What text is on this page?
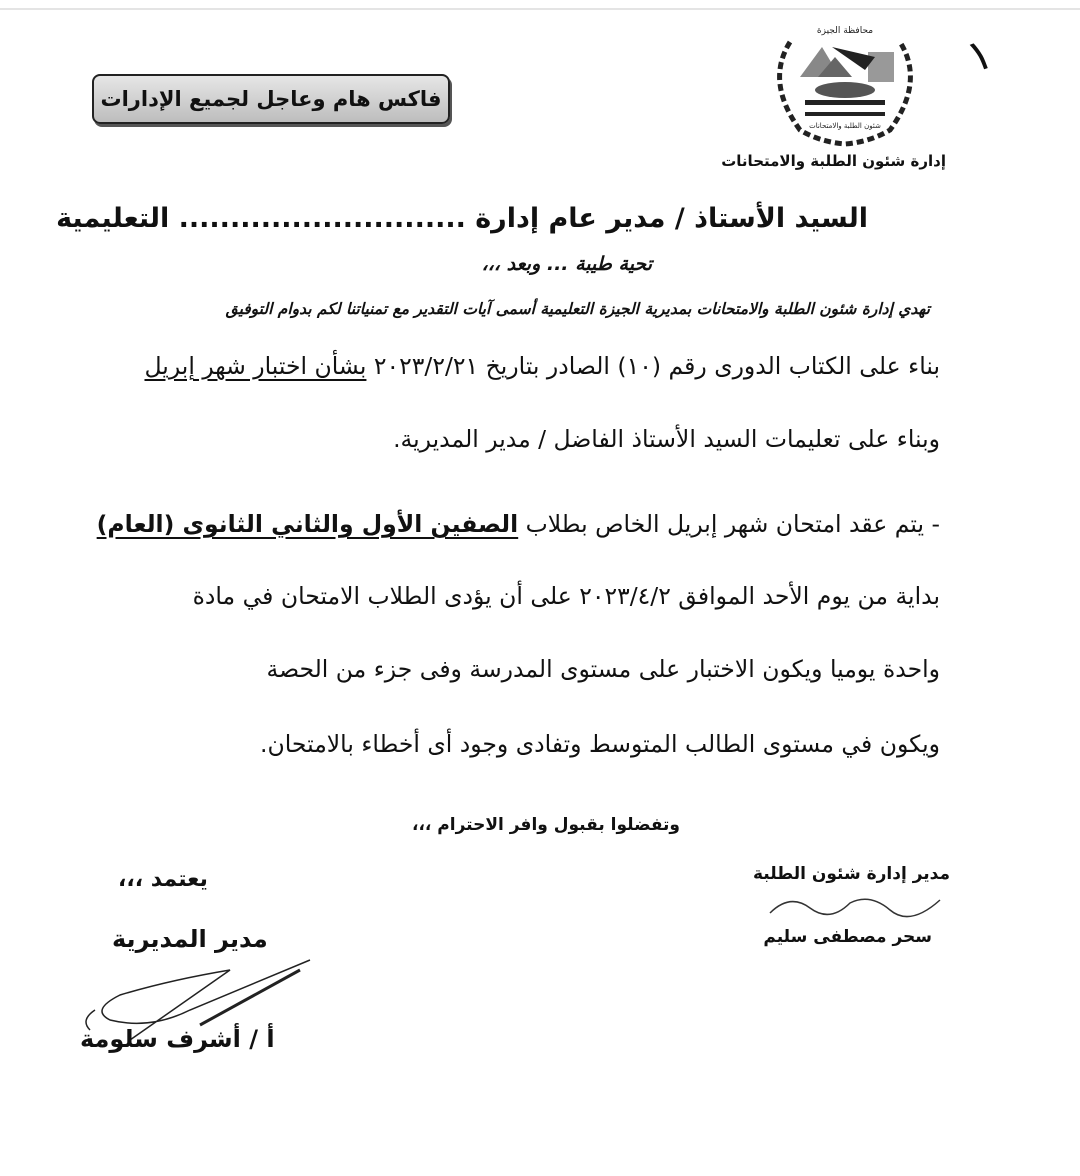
فاكس هام وعاجل لجميع الإدارات
١
محافظة الجيزة
شئون الطلبة والامتحانات
إدارة شئون الطلبة والامتحانات
السيد الأستاذ / مدير عام إدارة ............................ التعليمية
تحية طيبة ... وبعد ،،،
تهدي إدارة شئون الطلبة والامتحانات بمديرية الجيزة التعليمية أسمى آيات التقدير مع تمنياتنا لكم بدوام التوفيق
بناء على الكتاب الدورى رقم (١٠) الصادر بتاريخ ٢٠٢٣/٢/٢١ بشأن اختبار شهر إبريل
وبناء على تعليمات السيد الأستاذ الفاضل / مدير المديرية.
- يتم عقد امتحان شهر إبريل الخاص بطلاب الصفين الأول والثاني الثانوى (العام)
بداية من يوم الأحد الموافق ٢٠٢٣/٤/٢ على أن يؤدى الطلاب الامتحان في مادة
واحدة يوميا ويكون الاختبار على مستوى المدرسة وفى جزء من الحصة
ويكون في مستوى الطالب المتوسط وتفادى وجود أى أخطاء بالامتحان.
وتفضلوا بقبول وافر الاحترام ،،،
مدير إدارة شئون الطلبة
سحر مصطفى سليم
يعتمد ،،،
مدير المديرية
أ / أشرف سلومة
